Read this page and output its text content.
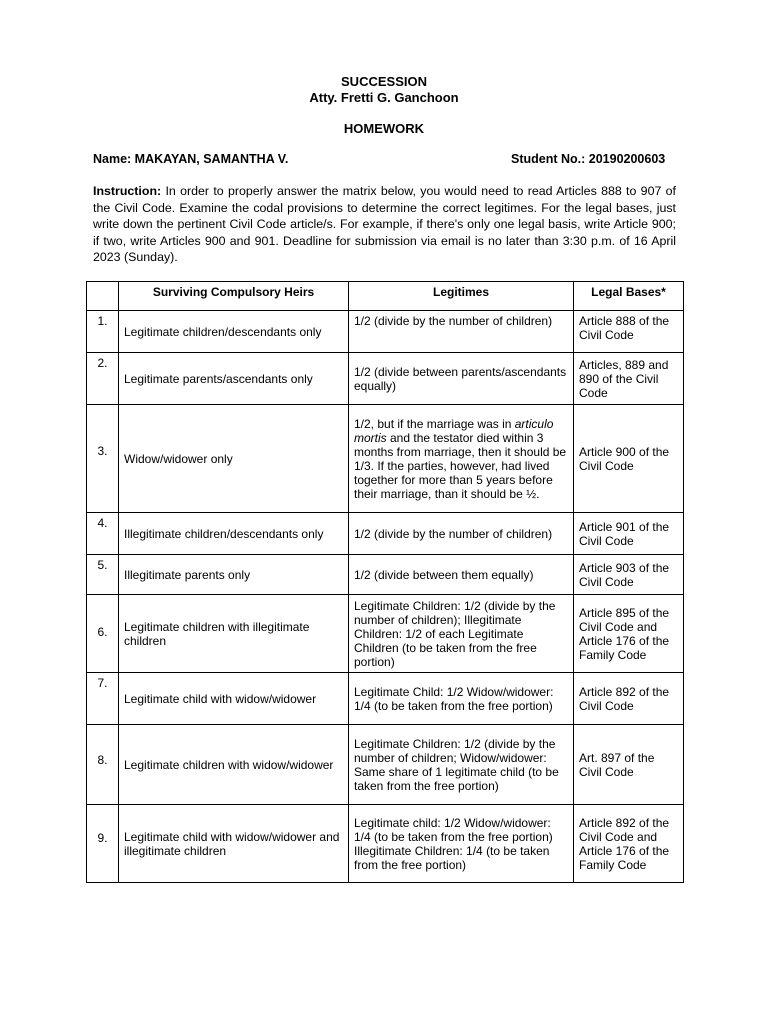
SUCCESSION
Atty. Fretti G. Ganchoon
HOMEWORK
Name: MAKAYAN, SAMANTHA V.	Student No.: 20190200603
Instruction: In order to properly answer the matrix below, you would need to read Articles 888 to 907 of the Civil Code. Examine the codal provisions to determine the correct legitimes. For the legal bases, just write down the pertinent Civil Code article/s. For example, if there's only one legal basis, write Article 900; if two, write Articles 900 and 901. Deadline for submission via email is no later than 3:30 p.m. of 16 April 2023 (Sunday).
	Surviving Compulsory Heirs	Legitimes	Legal Bases*
1.	Legitimate children/descendants only	1/2 (divide by the number of children)	Article 888 of the Civil Code
2.	Legitimate parents/ascendants only	1/2 (divide between parents/ascendants equally)	Articles, 889 and 890 of the Civil Code
3.	Widow/widower only	1/2, but if the marriage was in articulo mortis and the testator died within 3 months from marriage, then it should be 1/3. If the parties, however, had lived together for more than 5 years before their marriage, than it should be ½.	Article 900 of the Civil Code
4.	Illegitimate children/descendants only	1/2 (divide by the number of children)	Article 901 of the Civil Code
5.	Illegitimate parents only	1/2 (divide between them equally)	Article 903 of the Civil Code
6.	Legitimate children with illegitimate children	Legitimate Children: 1/2 (divide by the number of children); Illegitimate Children: 1/2 of each Legitimate Children (to be taken from the free portion)	Article 895 of the Civil Code and Article 176 of the Family Code
7.	Legitimate child with widow/widower	Legitimate Child: 1/2 Widow/widower: 1/4 (to be taken from the free portion)	Article 892 of the Civil Code
8.	Legitimate children with widow/widower	Legitimate Children: 1/2 (divide by the number of children; Widow/widower: Same share of 1 legitimate child (to be taken from the free portion)	Art. 897 of the Civil Code
9.	Legitimate child with widow/widower and illegitimate children	Legitimate child: 1/2 Widow/widower: 1/4 (to be taken from the free portion) Illegitimate Children: 1/4 (to be taken from the free portion)	Article 892 of the Civil Code and Article 176 of the Family Code
